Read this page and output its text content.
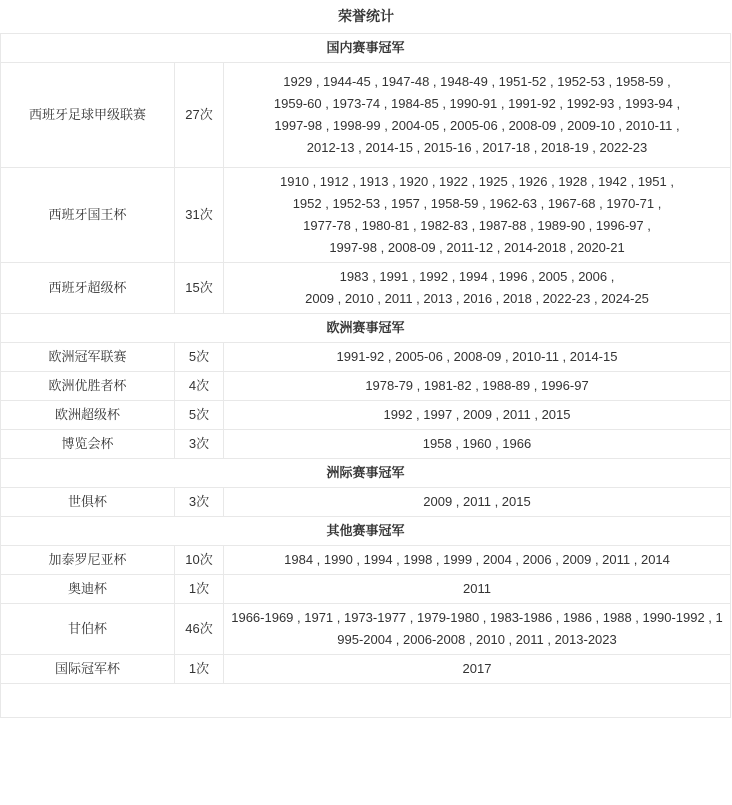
荣誉统计
国内赛事冠军		
西班牙足球甲级联赛	27次	1929 , 1944-45 , 1947-48 , 1948-49 , 1951-52 , 1952-53 , 1958-59 ,
1959-60 , 1973-74 , 1984-85 , 1990-91 , 1991-92 , 1992-93 , 1993-94 ,
1997-98 , 1998-99 , 2004-05 , 2005-06 , 2008-09 , 2009-10 , 2010-11 ,
2012-13 , 2014-15 , 2015-16 , 2017-18 , 2018-19 , 2022-23

西班牙国王杯	31次	1910 , 1912 , 1913 , 1920 , 1922 , 1925 , 1926 , 1928 , 1942 , 1951 ,
1952 , 1952-53 , 1957 , 1958-59 , 1962-63 , 1967-68 , 1970-71 ,
1977-78 , 1980-81 , 1982-83 , 1987-88 , 1989-90 , 1996-97 ,
1997-98 , 2008-09 , 2011-12 , 2014-2018 , 2020-21

西班牙超级杯	15次	1983 , 1991 , 1992 , 1994 , 1996 , 2005 , 2006 ,
2009 , 2010 , 2011 , 2013 , 2016 , 2018 , 2022-23 , 2024-25

欧洲赛事冠军		
欧洲冠军联赛	5次	1991-92 , 2005-06 , 2008-09 , 2010-11 , 2014-15
欧洲优胜者杯	4次	1978-79 , 1981-82 , 1988-89 , 1996-97
欧洲超级杯	5次	1992 , 1997 , 2009 , 2011 , 2015
博览会杯	3次	1958 , 1960 , 1966
洲际赛事冠军		
世俱杯	3次	2009 , 2011 , 2015
其他赛事冠军		
加泰罗尼亚杯	10次	1984 , 1990 , 1994 , 1998 , 1999 , 2004 , 2006 , 2009 , 2011 , 2014
奥迪杯	1次	2011
甘伯杯	46次	1966-1969 , 1971 , 1973-1977 , 1979-1980 , 1983-1986 , 1986 , 1988 , 1990-1992 , 1995-2004 , 2006-2008 , 2010 , 2011 , 2013-2023
国际冠军杯	1次	2017
